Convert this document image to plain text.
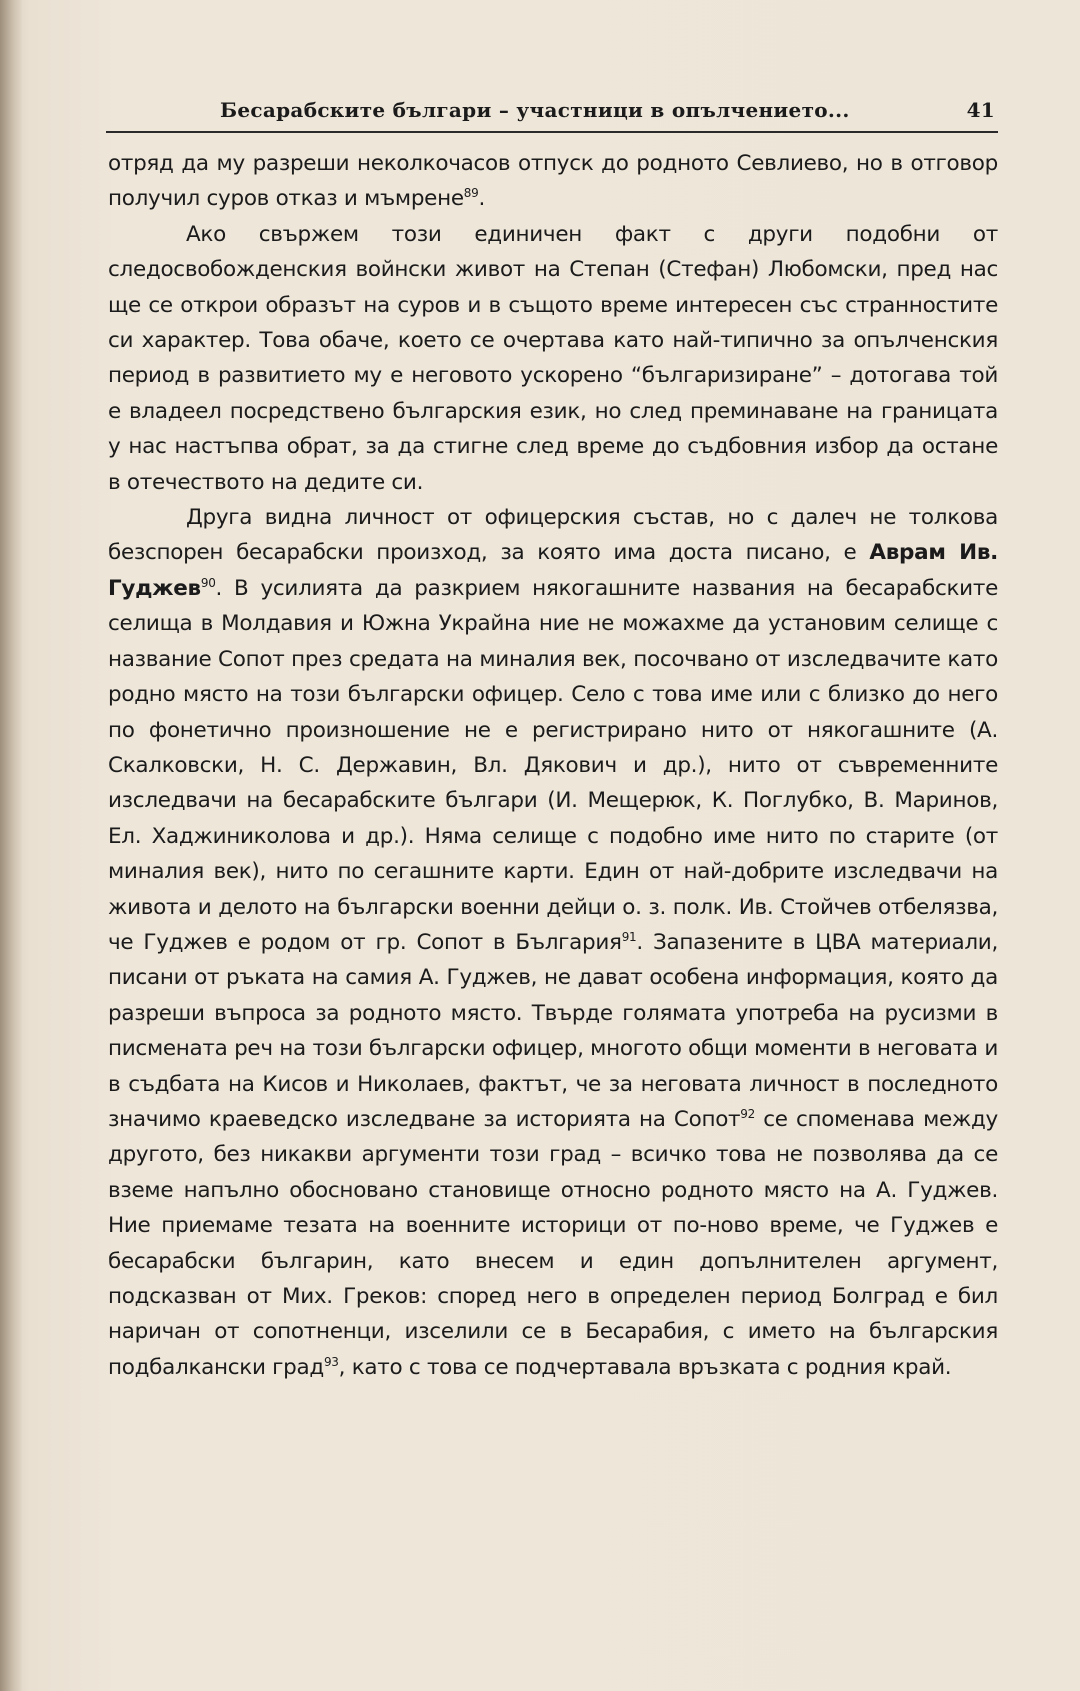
Бесарабските българи – участници в опълчението...	41

отряд да му разреши неколкочасов отпуск до родното Севлиево, но в отговор получил суров отказ и мъмрене$^{89}$.

Ако свържем този единичен факт с други подобни от следосвобожденския войнски живот на Степан (Стефан) Любомски, пред нас ще се открои образът на суров и в същото време интересен със странностите си характер. Това обаче, което се очертава като най-типично за опълченския период в развитието му е неговото ускорено “българизиране” – дотогава той е владеел посредствено българския език, но след преминаване на границата у нас настъпва обрат, за да стигне след време до съдбовния избор да остане в отечеството на дедите си.

Друга видна личност от офицерския състав, но с далеч не толкова безспорен бесарабски произход, за която има доста писано, е Аврам Ив. Гуджев$^{90}$. В усилията да разкрием някогашните названия на бесарабските селища в Молдавия и Южна Украйна ние не можахме да установим селище с название Сопот през средата на миналия век, посочвано от изследвачите като родно място на този български офицер. Село с това име или с близко до него по фонетично произношение не е регистрирано нито от някогашните (А. Скалковски, Н. С. Державин, Вл. Дякович и др.), нито от съвременните изследвачи на бесарабските българи (И. Мещерюк, К. Поглубко, В. Маринов, Ел. Хаджиниколова и др.). Няма селище с подобно име нито по старите (от миналия век), нито по сегашните карти. Един от най-добрите изследвачи на живота и делото на български военни дейци о. з. полк. Ив. Стойчев отбелязва, че Гуджев е родом от гр. Сопот в България$^{91}$. Запазените в ЦВА материали, писани от ръката на самия А. Гуджев, не дават особена информация, която да разреши въпроса за родното място. Твърде голямата употреба на русизми в писмената реч на този български офицер, многото общи моменти в неговата и в съдбата на Кисов и Николаев, фактът, че за неговата личност в последното значимо краеведско изследване за историята на Сопот$^{92}$ се споменава между другото, без никакви аргументи този град – всичко това не позволява да се вземе напълно обосновано становище относно родното място на А. Гуджев. Ние приемаме тезата на военните историци от по-ново време, че Гуджев е бесарабски българин, като внесем и един допълнителен аргумент, подсказван от Мих. Греков: според него в определен период Болград е бил наричан от сопотненци, изселили се в Бесарабия, с името на българския подбалкански град$^{93}$, като с това се подчертавала връзката с родния край.
